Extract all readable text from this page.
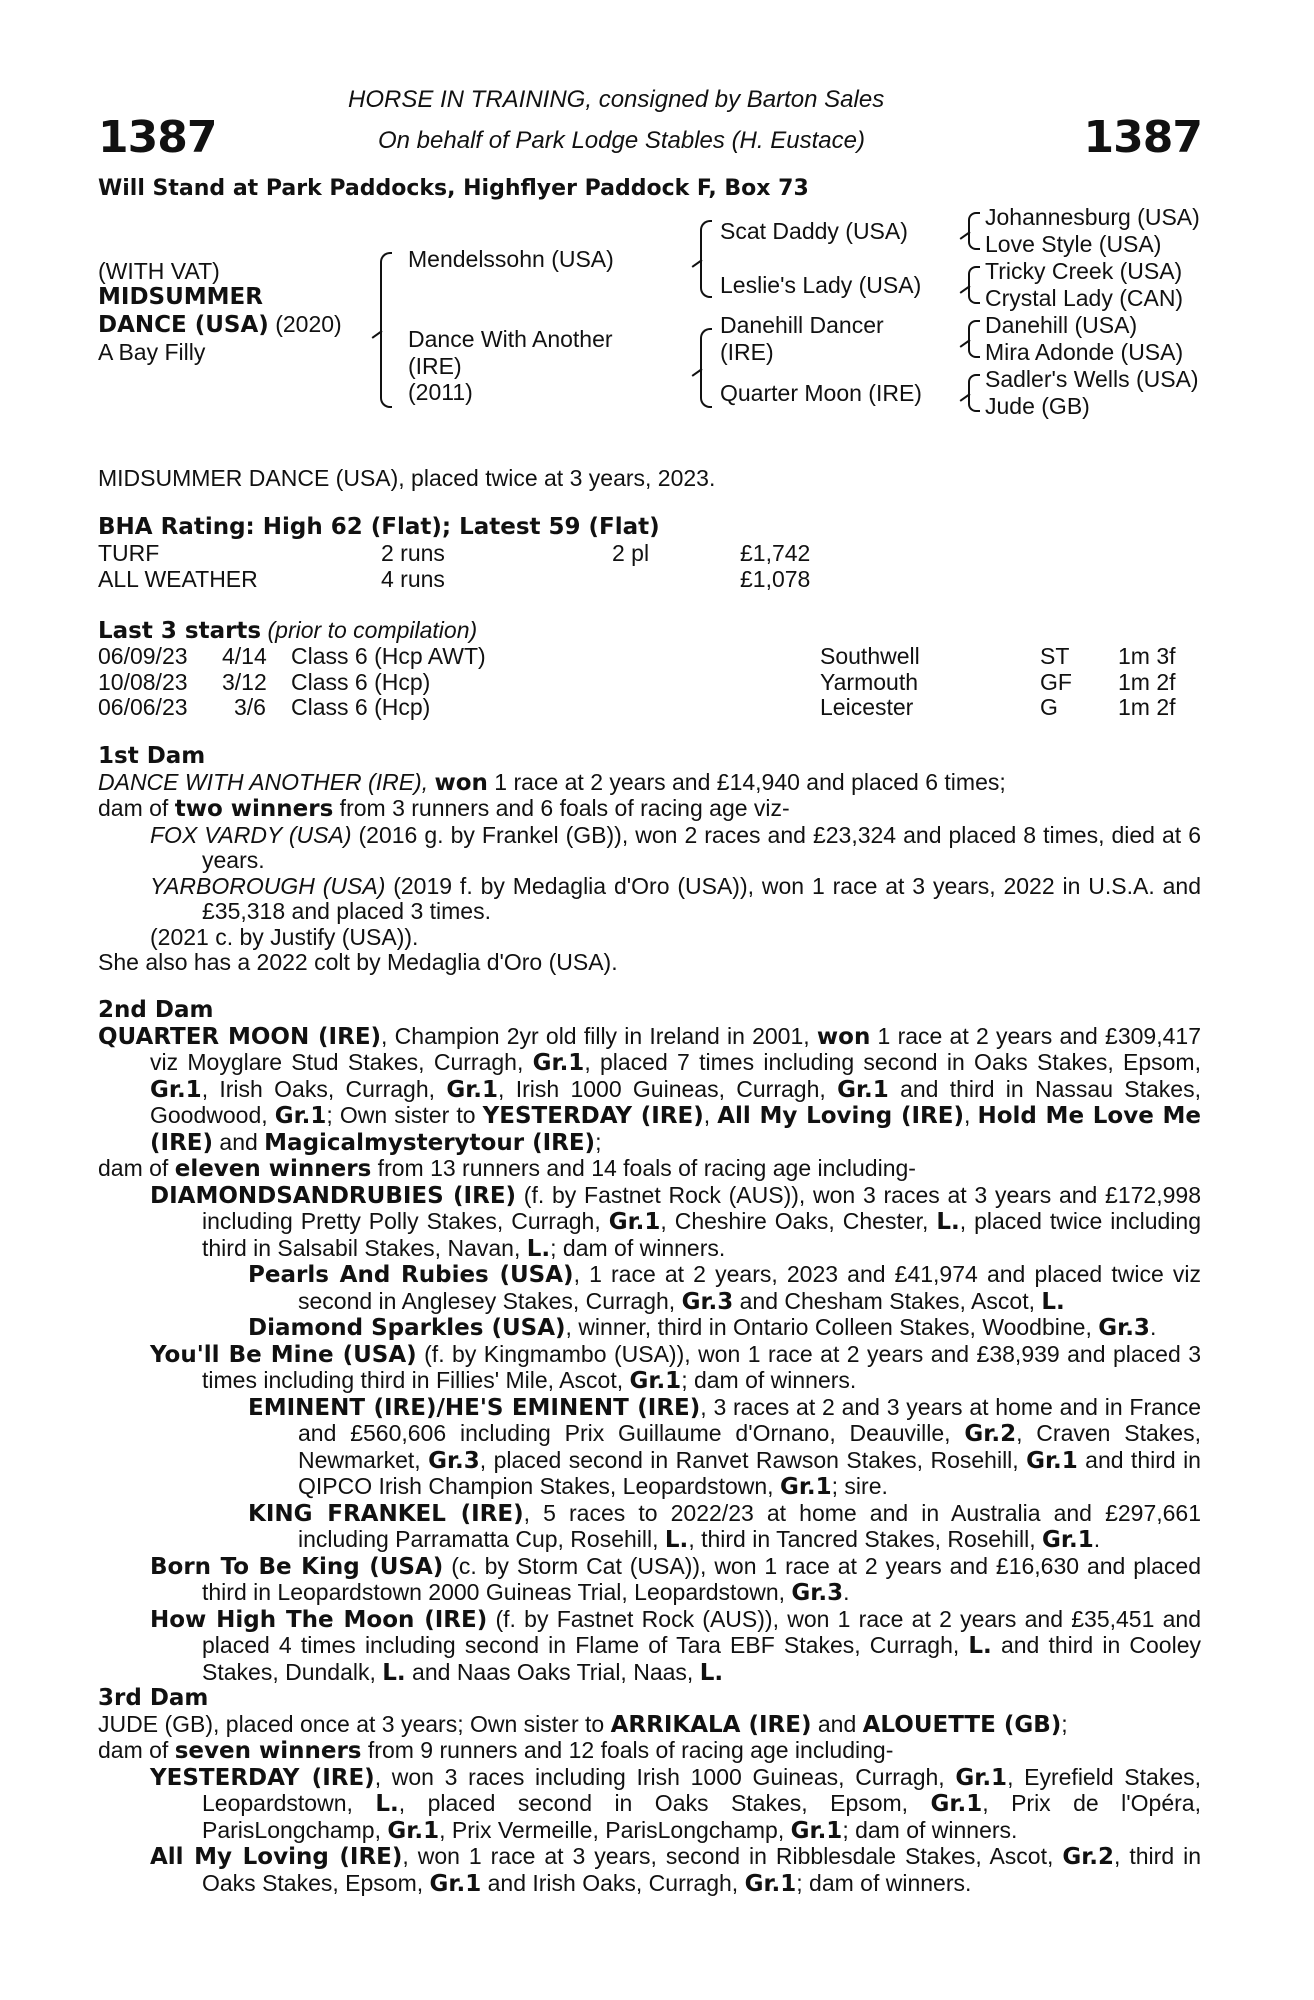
1387	1387
HORSE IN TRAINING, consigned by Barton Sales
On behalf of Park Lodge Stables (H. Eustace)
Will Stand at Park Paddocks, Highflyer Paddock F, Box 73
(WITH VAT)
MIDSUMMER
DANCE (USA) (2020)
A Bay Filly
Mendelssohn (USA)
Dance With Another
(IRE)
(2011)
Scat Daddy (USA)
Leslie's Lady (USA)
Danehill Dancer
(IRE)
Quarter Moon (IRE)
Johannesburg (USA)
Love Style (USA)
Tricky Creek (USA)
Crystal Lady (CAN)
Danehill (USA)
Mira Adonde (USA)
Sadler's Wells (USA)
Jude (GB)
MIDSUMMER DANCE (USA), placed twice at 3 years, 2023.
BHA Rating: High 62 (Flat); Latest 59 (Flat)
TURF	2 runs	2 pl	£1,742
ALL WEATHER	4 runs	£1,078
Last 3 starts (prior to compilation)
06/09/23 4/14 Class 6 (Hcp AWT)	Southwell	ST 1m 3f
10/08/23 3/12 Class 6 (Hcp)	Yarmouth	GF 1m 2f
06/06/23 3/6 Class 6 (Hcp)	Leicester	G	1m 2f

1st Dam

DANCE WITH ANOTHER (IRE), won 1 race at 2 years and £14,940 and placed 6 times;

dam of two winners from 3 runners and 6 foals of racing age viz-

FOX VARDY (USA) (2016 g. by Frankel (GB)), won 2 races and £23,324 and placed 8 times, died at 6 years.

YARBOROUGH (USA) (2019 f. by Medaglia d'Oro (USA)), won 1 race at 3 years, 2022 in U.S.A. and £35,318 and placed 3 times.

(2021 c. by Justify (USA)).

She also has a 2022 colt by Medaglia d'Oro (USA).

2nd Dam

QUARTER MOON (IRE), Champion 2yr old filly in Ireland in 2001, won 1 race at 2 years and £309,417 viz Moyglare Stud Stakes, Curragh, Gr.1, placed 7 times including second in Oaks Stakes, Epsom, Gr.1, Irish Oaks, Curragh, Gr.1, Irish 1000 Guineas, Curragh, Gr.1 and third in Nassau Stakes, Goodwood, Gr.1; Own sister to YESTERDAY (IRE), All My Loving (IRE), Hold Me Love Me (IRE) and Magicalmysterytour (IRE);

dam of eleven winners from 13 runners and 14 foals of racing age including-

DIAMONDSANDRUBIES (IRE) (f. by Fastnet Rock (AUS)), won 3 races at 3 years and £172,998 including Pretty Polly Stakes, Curragh, Gr.1, Cheshire Oaks, Chester, L., placed twice including third in Salsabil Stakes, Navan, L.; dam of winners.

Pearls And Rubies (USA), 1 race at 2 years, 2023 and £41,974 and placed twice viz second in Anglesey Stakes, Curragh, Gr.3 and Chesham Stakes, Ascot, L.

Diamond Sparkles (USA), winner, third in Ontario Colleen Stakes, Woodbine, Gr.3.

You'll Be Mine (USA) (f. by Kingmambo (USA)), won 1 race at 2 years and £38,939 and placed 3 times including third in Fillies' Mile, Ascot, Gr.1; dam of winners.

EMINENT (IRE)/HE'S EMINENT (IRE), 3 races at 2 and 3 years at home and in France and £560,606 including Prix Guillaume d'Ornano, Deauville, Gr.2, Craven Stakes, Newmarket, Gr.3, placed second in Ranvet Rawson Stakes, Rosehill, Gr.1 and third in QIPCO Irish Champion Stakes, Leopardstown, Gr.1; sire.

KING FRANKEL (IRE), 5 races to 2022/23 at home and in Australia and £297,661 including Parramatta Cup, Rosehill, L., third in Tancred Stakes, Rosehill, Gr.1.

Born To Be King (USA) (c. by Storm Cat (USA)), won 1 race at 2 years and £16,630 and placed third in Leopardstown 2000 Guineas Trial, Leopardstown, Gr.3.

How High The Moon (IRE) (f. by Fastnet Rock (AUS)), won 1 race at 2 years and £35,451 and placed 4 times including second in Flame of Tara EBF Stakes, Curragh, L. and third in Cooley Stakes, Dundalk, L. and Naas Oaks Trial, Naas, L.

3rd Dam

JUDE (GB), placed once at 3 years; Own sister to ARRIKALA (IRE) and ALOUETTE (GB);

dam of seven winners from 9 runners and 12 foals of racing age including-

YESTERDAY (IRE), won 3 races including Irish 1000 Guineas, Curragh, Gr.1, Eyrefield Stakes, Leopardstown, L., placed second in Oaks Stakes, Epsom, Gr.1, Prix de l'Opéra, ParisLongchamp, Gr.1, Prix Vermeille, ParisLongchamp, Gr.1; dam of winners.

All My Loving (IRE), won 1 race at 3 years, second in Ribblesdale Stakes, Ascot, Gr.2, third in Oaks Stakes, Epsom, Gr.1 and Irish Oaks, Curragh, Gr.1; dam of winners.
